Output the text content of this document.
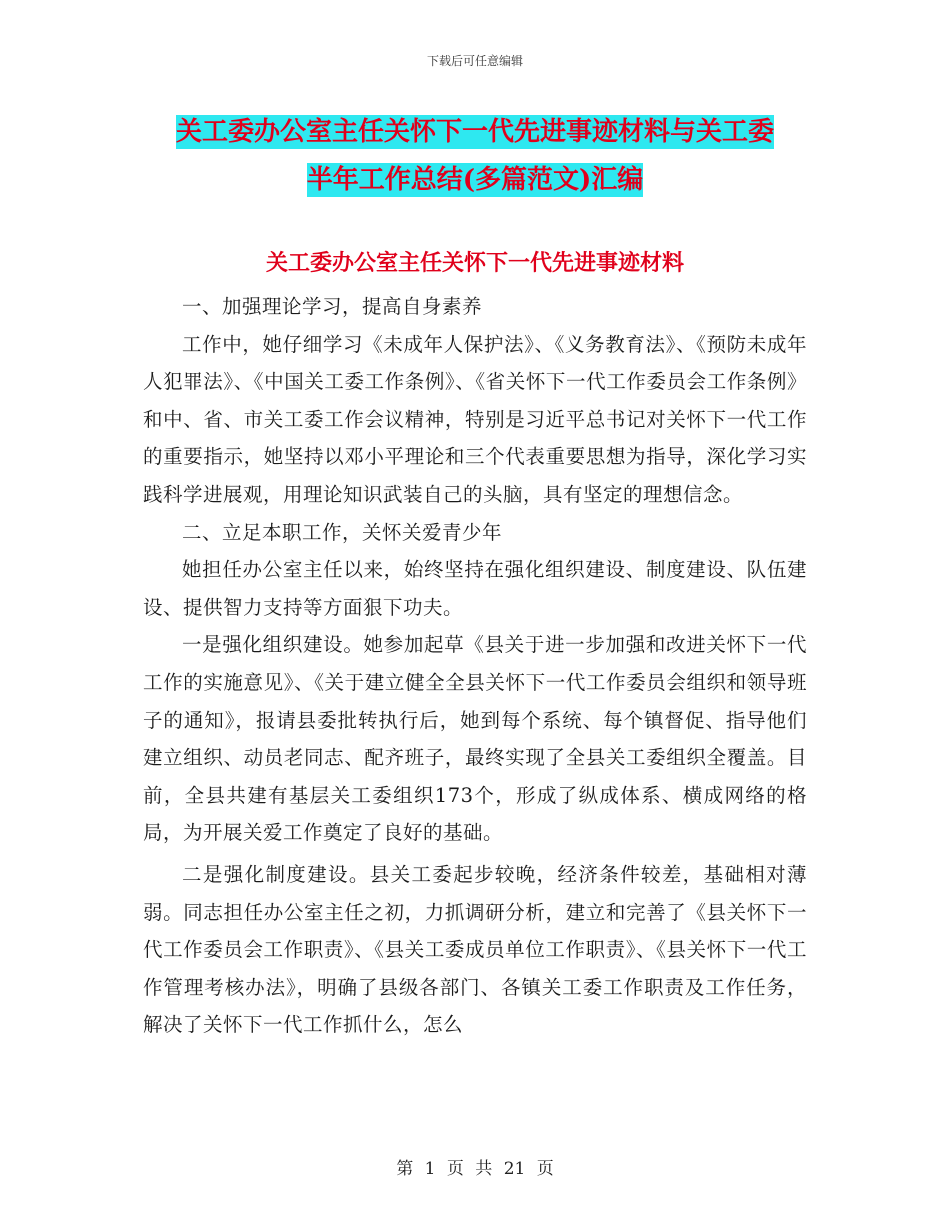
下载后可任意编辑
关工委办公室主任关怀下一代先进事迹材料与关工委
半年工作总结(多篇范文)汇编
关工委办公室主任关怀下一代先进事迹材料

一、加强理论学习，提高自身素养

工作中，她仔细学习《未成年人保护法》、《义务教育法》、《预防未成年人犯罪法》、《中国关工委工作条例》、《省关怀下一代工作委员会工作条例》和中、省、市关工委工作会议精神，特别是习近平总书记对关怀下一代工作的重要指示，她坚持以邓小平理论和三个代表重要思想为指导，深化学习实践科学进展观，用理论知识武装自己的头脑，具有坚定的理想信念。

二、立足本职工作，关怀关爱青少年

她担任办公室主任以来，始终坚持在强化组织建设、制度建设、队伍建设、提供智力支持等方面狠下功夫。

一是强化组织建设。她参加起草《县关于进一步加强和改进关怀下一代工作的实施意见》、《关于建立健全全县关怀下一代工作委员会组织和领导班子的通知》，报请县委批转执行后，她到每个系统、每个镇督促、指导他们建立组织、动员老同志、配齐班子，最终实现了全县关工委组织全覆盖。目前，全县共建有基层关工委组织173个，形成了纵成体系、横成网络的格局，为开展关爱工作奠定了良好的基础。

二是强化制度建设。县关工委起步较晚，经济条件较差，基础相对薄弱。同志担任办公室主任之初，力抓调研分析，建立和完善了《县关怀下一代工作委员会工作职责》、《县关工委成员单位工作职责》、《县关怀下一代工作管理考核办法》，明确了县级各部门、各镇关工委工作职责及工作任务，解决了关怀下一代工作抓什么，怎么

第 1 页 共 21 页
